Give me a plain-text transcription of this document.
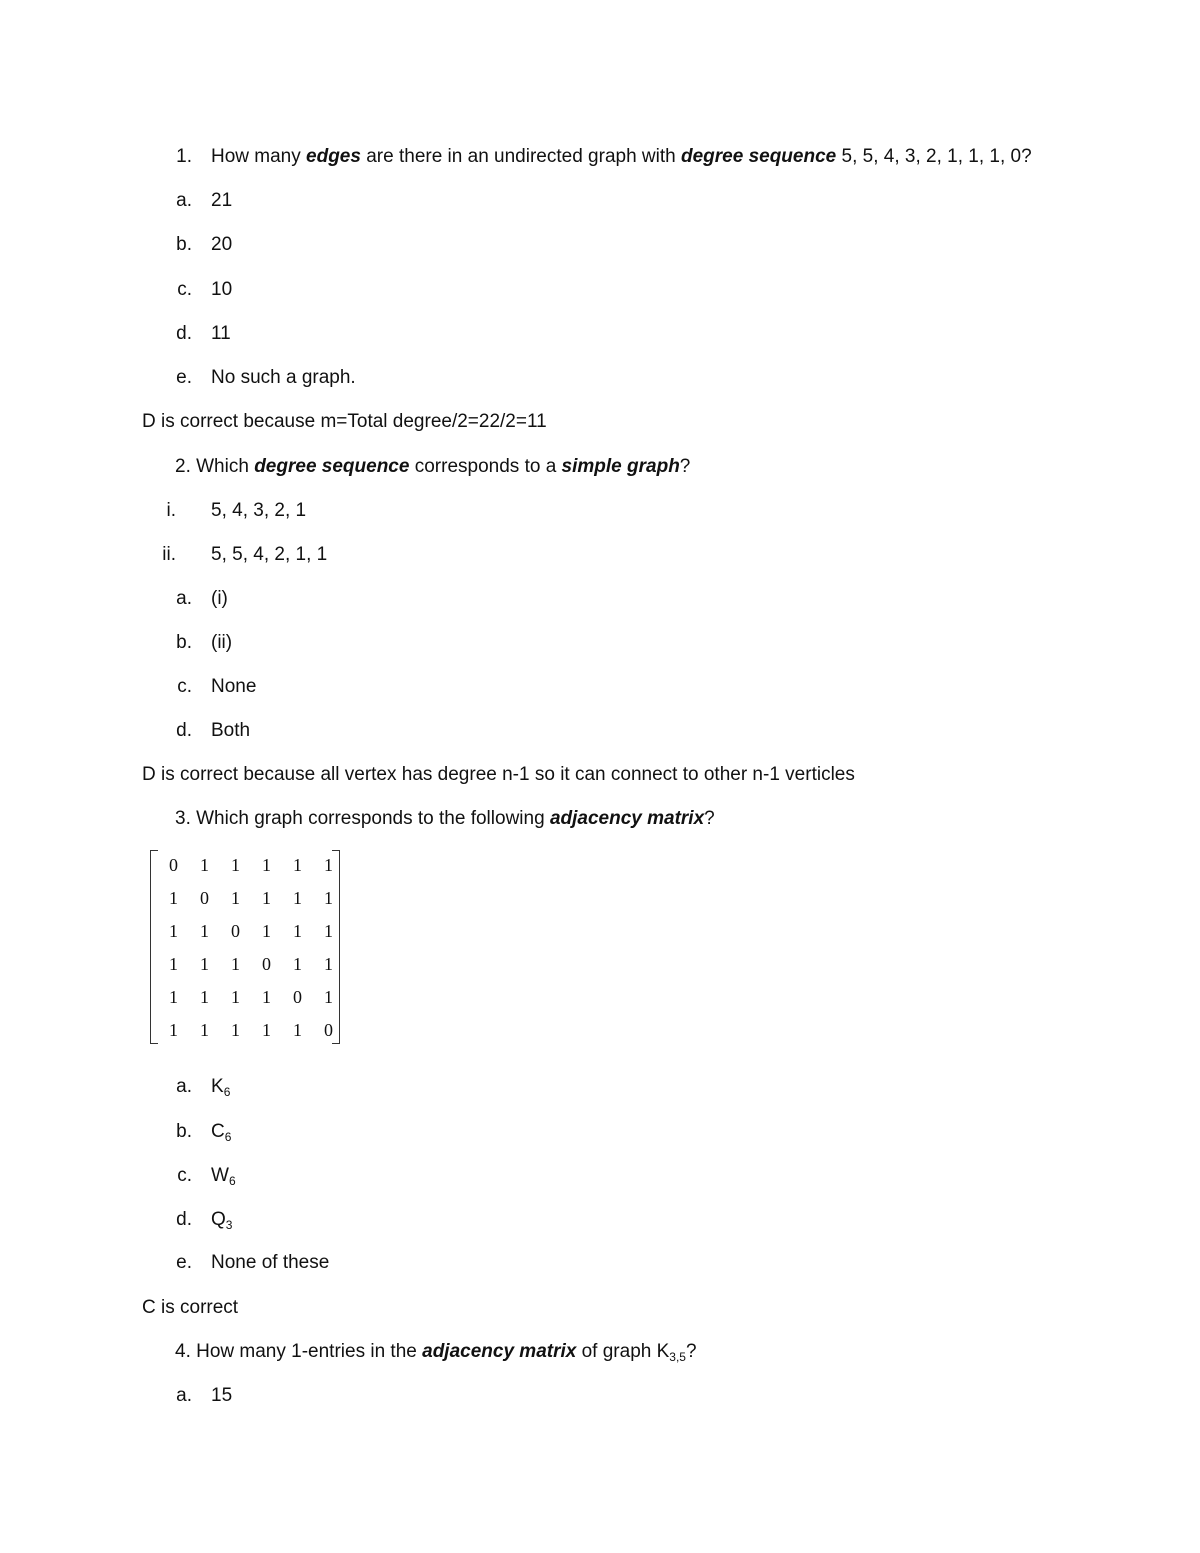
1. How many edges are there in an undirected graph with degree sequence 5, 5, 4, 3, 2, 1, 1, 1, 0?
a. 21
b. 20
c. 10
d. 11
e. No such a graph.
D is correct because m=Total degree/2=22/2=11
2. Which degree sequence corresponds to a simple graph?
i. 5, 4, 3, 2, 1
ii. 5, 5, 4, 2, 1, 1
a. (i)
b. (ii)
c. None
d. Both
D is correct because all vertex has degree n-1 so it can connect to other n-1 verticles
3. Which graph corresponds to the following adjacency matrix?
0	1	1	1	1	1
1	0	1	1	1	1
1	1	0	1	1	1
1	1	1	0	1	1
1	1	1	1	0	1
1	1	1	1	1	0
a. $K_6$
b. $C_6$
c. $W_6$
d. $Q_3$
e. None of these
C is correct
4. How many 1-entries in the adjacency matrix of graph $K_{3,5}$?
a. 15
